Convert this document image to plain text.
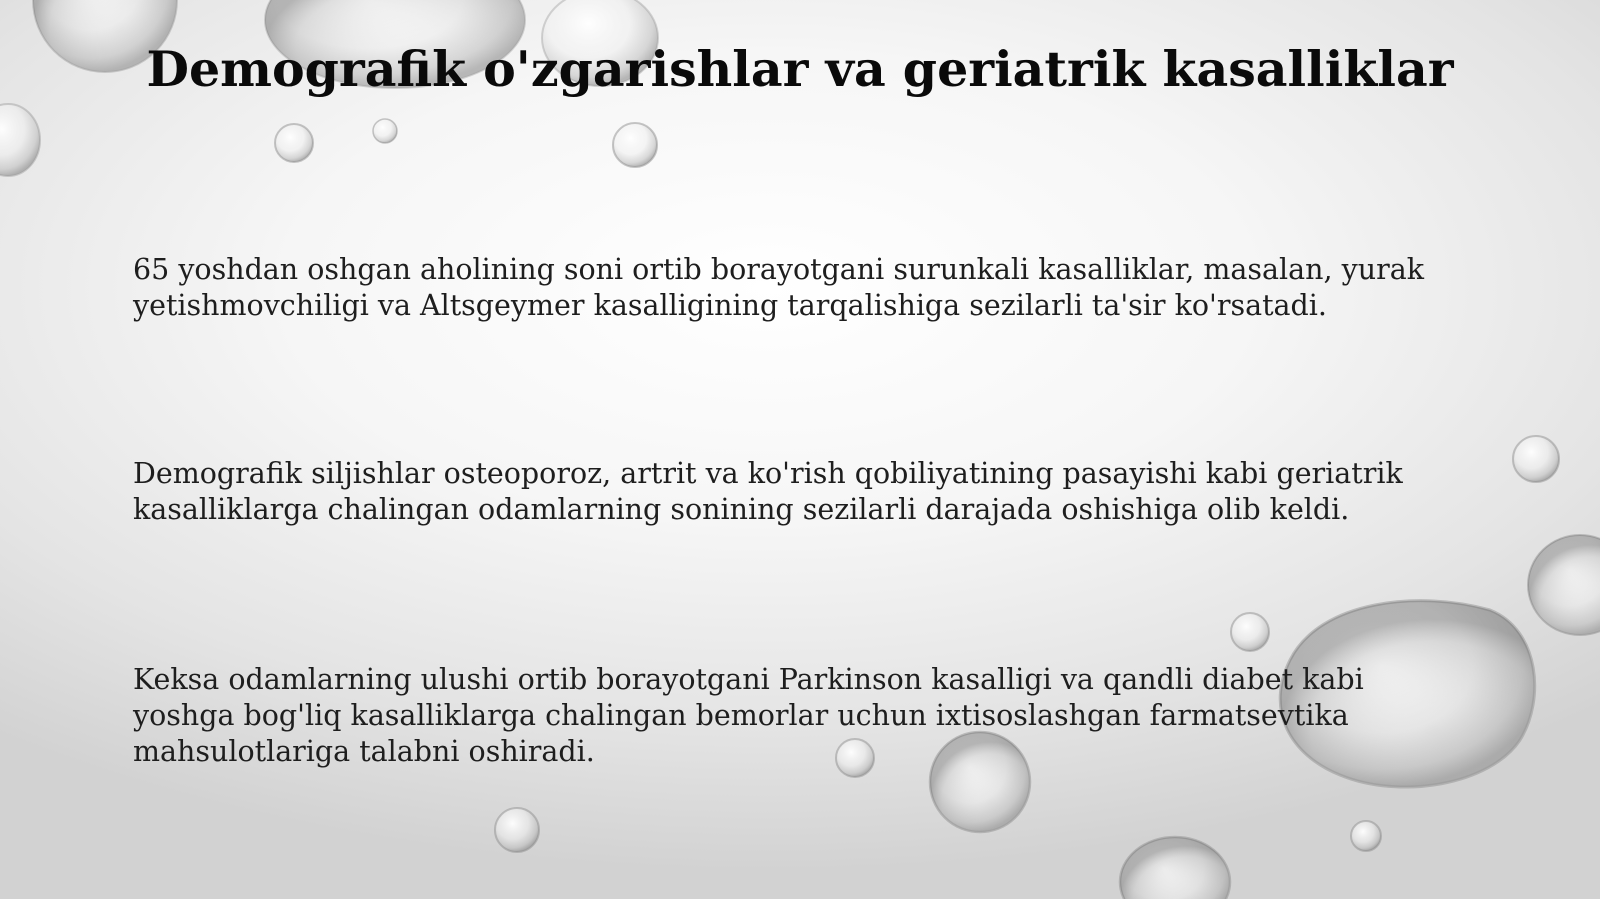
Demografik o'zgarishlar va geriatrik kasalliklar

65 yoshdan oshgan aholining soni ortib borayotgani surunkali kasalliklar, masalan, yurak yetishmovchiligi va Altsgeymer kasalligining tarqalishiga sezilarli ta'sir ko'rsatadi.

Demografik siljishlar osteoporoz, artrit va ko'rish qobiliyatining pasayishi kabi geriatrik kasalliklarga chalingan odamlarning sonining sezilarli darajada oshishiga olib keldi.

Keksa odamlarning ulushi ortib borayotgani Parkinson kasalligi va qandli diabet kabi yoshga bog'liq kasalliklarga chalingan bemorlar uchun ixtisoslashgan farmatsevtika mahsulotlariga talabni oshiradi.
